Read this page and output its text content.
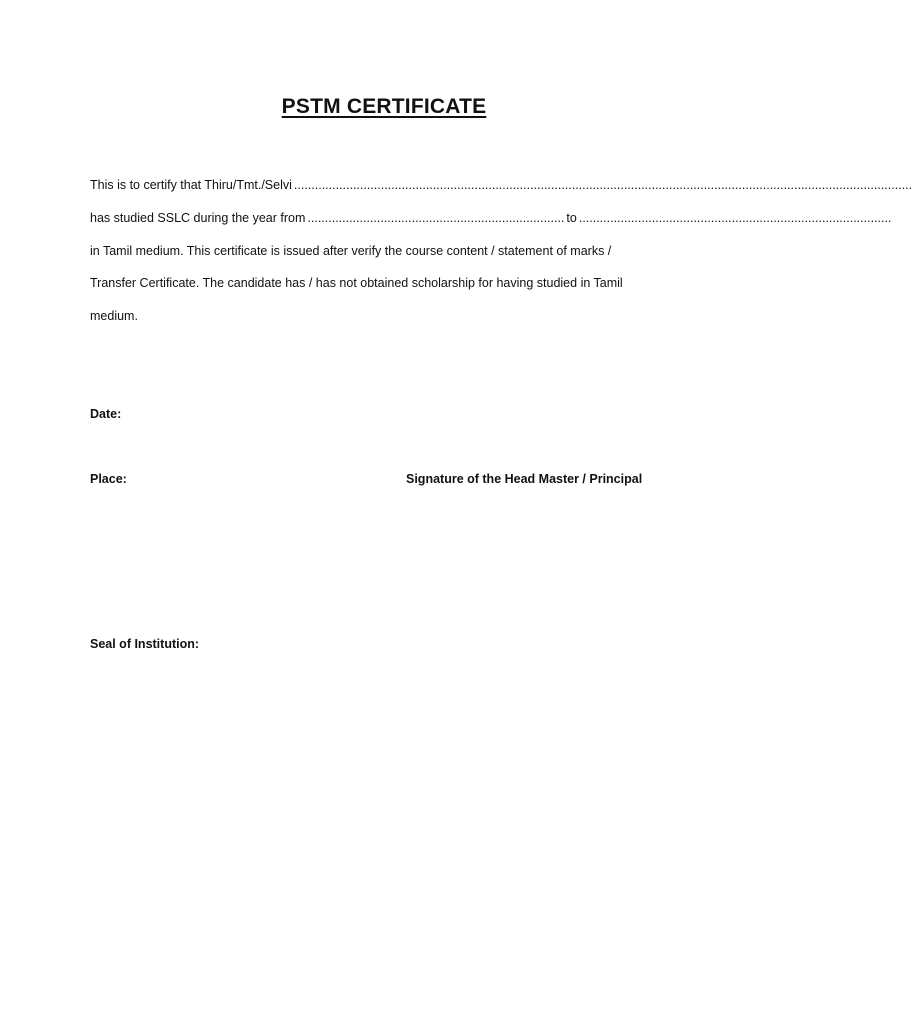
PSTM CERTIFICATE
This is to certify that Thiru/Tmt./Selvi ..................................................................................................................................................................................
has studied SSLC during the year from .......................................................................... to ..........................................................................................
in Tamil medium. This certificate is issued after verify the course content / statement of marks /
Transfer Certificate. The candidate has / has not obtained scholarship for having studied in Tamil
medium.
Date:
Place:	Signature of the Head Master / Principal
Seal of Institution:
